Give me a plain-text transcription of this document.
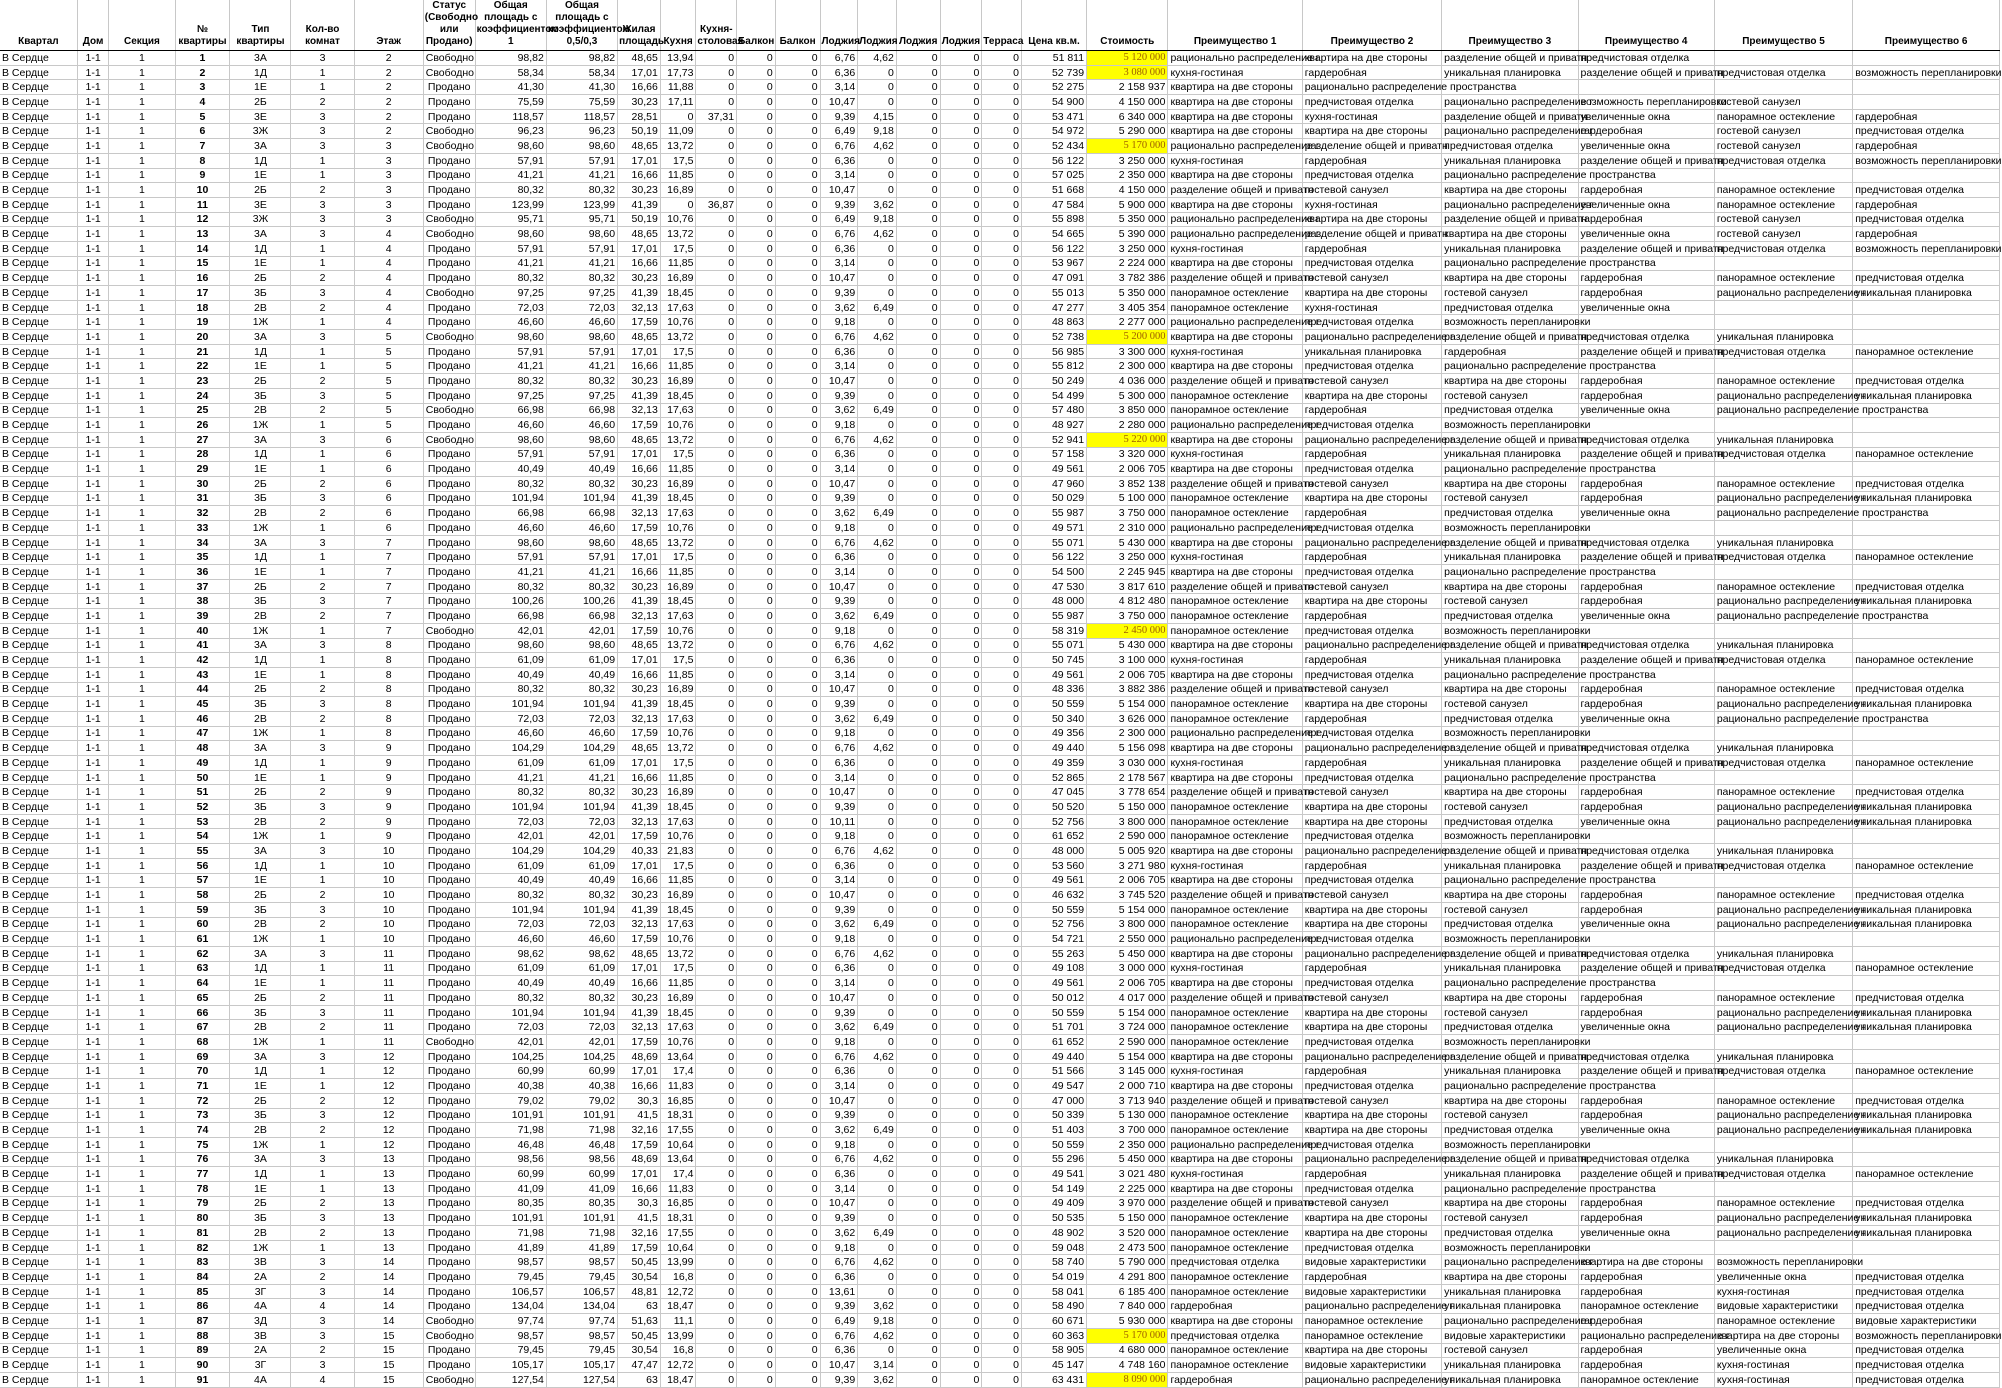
Квартал	Дом	Секция	№ квартиры	Тип квартиры	Кол-во комнат	Этаж	Статус (Свободно или Продано)	Общая площадь с коэффициентом 1	Общая площадь с коэффициентом 0,5/0,3	Жилая площадь	Кухня	Кухня-столовая	Балкон	Балкон	Лоджия	Лоджия	Лоджия	Лоджия	Терраса	Цена кв.м.	Стоимость	Преимущество 1	Преимущество 2	Преимущество 3	Преимущество 4	Преимущество 5	Преимущество 6
В Сердце	1-1	1	1	3А	3	2	Свободно	98,82	98,82	48,65	13,94	0	0	0	6,76	4,62	0	0	0	51 811	5 120 000	рационально распределение г	квартира на две стороны	разделение общей и приватн	предчистовая отделка		
В Сердце	1-1	1	2	1Д	1	2	Свободно	58,34	58,34	17,01	17,73	0	0	0	6,36	0	0	0	0	52 739	3 080 000	кухня-гостиная	гардеробная	уникальная планировка	разделение общей и приватн	предчистовая отделка	возможность перепланировки
В Сердце	1-1	1	3	1Е	1	2	Продано	41,30	41,30	16,66	11,88	0	0	0	3,14	0	0	0	0	52 275	2 158 937	квартира на две стороны	рационально распределение пространства				
В Сердце	1-1	1	4	2Б	2	2	Продано	75,59	75,59	30,23	17,11	0	0	0	10,47	0	0	0	0	54 900	4 150 000	квартира на две стороны	предчистовая отделка	рационально распределение г	возможность перепланировки	гостевой санузел	
В Сердце	1-1	1	5	3Е	3	2	Продано	118,57	118,57	28,51	0	37,31	0	0	9,39	4,15	0	0	0	53 471	6 340 000	квартира на две стороны	кухня-гостиная	разделение общей и приватн	увеличенные окна	панорамное остекление	гардеробная
В Сердце	1-1	1	6	3Ж	3	2	Свободно	96,23	96,23	50,19	11,09	0	0	0	6,49	9,18	0	0	0	54 972	5 290 000	квартира на две стороны	квартира на две стороны	рационально распределение г	гардеробная	гостевой санузел	предчистовая отделка
В Сердце	1-1	1	7	3А	3	3	Свободно	98,60	98,60	48,65	13,72	0	0	0	6,76	4,62	0	0	0	52 434	5 170 000	рационально распределение г	разделение общей и приватн	предчистовая отделка	увеличенные окна	гостевой санузел	гардеробная
В Сердце	1-1	1	8	1Д	1	3	Продано	57,91	57,91	17,01	17,5	0	0	0	6,36	0	0	0	0	56 122	3 250 000	кухня-гостиная	гардеробная	уникальная планировка	разделение общей и приватн	предчистовая отделка	возможность перепланировки
В Сердце	1-1	1	9	1Е	1	3	Продано	41,21	41,21	16,66	11,85	0	0	0	3,14	0	0	0	0	57 025	2 350 000	квартира на две стороны	предчистовая отделка	рационально распределение пространства			
В Сердце	1-1	1	10	2Б	2	3	Продано	80,32	80,32	30,23	16,89	0	0	0	10,47	0	0	0	0	51 668	4 150 000	разделение общей и приватн	гостевой санузел	квартира на две стороны	гардеробная	панорамное остекление	предчистовая отделка
В Сердце	1-1	1	11	3Е	3	3	Продано	123,99	123,99	41,39	0	36,87	0	0	9,39	3,62	0	0	0	47 584	5 900 000	квартира на две стороны	кухня-гостиная	рационально распределение г	увеличенные окна	панорамное остекление	гардеробная
В Сердце	1-1	1	12	3Ж	3	3	Свободно	95,71	95,71	50,19	10,76	0	0	0	6,49	9,18	0	0	0	55 898	5 350 000	рационально распределение г	квартира на две стороны	разделение общей и приватн	гардеробная	гостевой санузел	предчистовая отделка
В Сердце	1-1	1	13	3А	3	4	Свободно	98,60	98,60	48,65	13,72	0	0	0	6,76	4,62	0	0	0	54 665	5 390 000	рационально распределение г	разделение общей и приватн	квартира на две стороны	увеличенные окна	гостевой санузел	гардеробная
В Сердце	1-1	1	14	1Д	1	4	Продано	57,91	57,91	17,01	17,5	0	0	0	6,36	0	0	0	0	56 122	3 250 000	кухня-гостиная	гардеробная	уникальная планировка	разделение общей и приватн	предчистовая отделка	возможность перепланировки
В Сердце	1-1	1	15	1Е	1	4	Продано	41,21	41,21	16,66	11,85	0	0	0	3,14	0	0	0	0	53 967	2 224 000	квартира на две стороны	предчистовая отделка	рационально распределение пространства			
В Сердце	1-1	1	16	2Б	2	4	Продано	80,32	80,32	30,23	16,89	0	0	0	10,47	0	0	0	0	47 091	3 782 386	разделение общей и приватн	гостевой санузел	квартира на две стороны	гардеробная	панорамное остекление	предчистовая отделка
В Сердце	1-1	1	17	3Б	3	4	Свободно	97,25	97,25	41,39	18,45	0	0	0	9,39	0	0	0	0	55 013	5 350 000	панорамное остекление	квартира на две стороны	гостевой санузел	гардеробная	рационально распределение г	уникальная планировка
В Сердце	1-1	1	18	2В	2	4	Продано	72,03	72,03	32,13	17,63	0	0	0	3,62	6,49	0	0	0	47 277	3 405 354	панорамное остекление	кухня-гостиная	предчистовая отделка	увеличенные окна		
В Сердце	1-1	1	19	1Ж	1	4	Продано	46,60	46,60	17,59	10,76	0	0	0	9,18	0	0	0	0	48 863	2 277 000	рационально распределение г	предчистовая отделка	возможность перепланировки			
В Сердце	1-1	1	20	3А	3	5	Свободно	98,60	98,60	48,65	13,72	0	0	0	6,76	4,62	0	0	0	52 738	5 200 000	квартира на две стороны	рационально распределение г	разделение общей и приватн	предчистовая отделка	уникальная планировка	
В Сердце	1-1	1	21	1Д	1	5	Продано	57,91	57,91	17,01	17,5	0	0	0	6,36	0	0	0	0	56 985	3 300 000	кухня-гостиная	уникальная планировка	гардеробная	разделение общей и приватн	предчистовая отделка	панорамное остекление
В Сердце	1-1	1	22	1Е	1	5	Продано	41,21	41,21	16,66	11,85	0	0	0	3,14	0	0	0	0	55 812	2 300 000	квартира на две стороны	предчистовая отделка	рационально распределение пространства			
В Сердце	1-1	1	23	2Б	2	5	Продано	80,32	80,32	30,23	16,89	0	0	0	10,47	0	0	0	0	50 249	4 036 000	разделение общей и приватн	гостевой санузел	квартира на две стороны	гардеробная	панорамное остекление	предчистовая отделка
В Сердце	1-1	1	24	3Б	3	5	Продано	97,25	97,25	41,39	18,45	0	0	0	9,39	0	0	0	0	54 499	5 300 000	панорамное остекление	квартира на две стороны	гостевой санузел	гардеробная	рационально распределение г	уникальная планировка
В Сердце	1-1	1	25	2В	2	5	Свободно	66,98	66,98	32,13	17,63	0	0	0	3,62	6,49	0	0	0	57 480	3 850 000	панорамное остекление	гардеробная	предчистовая отделка	увеличенные окна	рационально распределение пространства	
В Сердце	1-1	1	26	1Ж	1	5	Продано	46,60	46,60	17,59	10,76	0	0	0	9,18	0	0	0	0	48 927	2 280 000	рационально распределение г	предчистовая отделка	возможность перепланировки			
В Сердце	1-1	1	27	3А	3	6	Свободно	98,60	98,60	48,65	13,72	0	0	0	6,76	4,62	0	0	0	52 941	5 220 000	квартира на две стороны	рационально распределение г	разделение общей и приватн	предчистовая отделка	уникальная планировка	
В Сердце	1-1	1	28	1Д	1	6	Продано	57,91	57,91	17,01	17,5	0	0	0	6,36	0	0	0	0	57 158	3 320 000	кухня-гостиная	гардеробная	уникальная планировка	разделение общей и приватн	предчистовая отделка	панорамное остекление
В Сердце	1-1	1	29	1Е	1	6	Продано	40,49	40,49	16,66	11,85	0	0	0	3,14	0	0	0	0	49 561	2 006 705	квартира на две стороны	предчистовая отделка	рационально распределение пространства			
В Сердце	1-1	1	30	2Б	2	6	Продано	80,32	80,32	30,23	16,89	0	0	0	10,47	0	0	0	0	47 960	3 852 138	разделение общей и приватн	гостевой санузел	квартира на две стороны	гардеробная	панорамное остекление	предчистовая отделка
В Сердце	1-1	1	31	3Б	3	6	Продано	101,94	101,94	41,39	18,45	0	0	0	9,39	0	0	0	0	50 029	5 100 000	панорамное остекление	квартира на две стороны	гостевой санузел	гардеробная	рационально распределение г	уникальная планировка
В Сердце	1-1	1	32	2В	2	6	Продано	66,98	66,98	32,13	17,63	0	0	0	3,62	6,49	0	0	0	55 987	3 750 000	панорамное остекление	гардеробная	предчистовая отделка	увеличенные окна	рационально распределение пространства	
В Сердце	1-1	1	33	1Ж	1	6	Продано	46,60	46,60	17,59	10,76	0	0	0	9,18	0	0	0	0	49 571	2 310 000	рационально распределение г	предчистовая отделка	возможность перепланировки			
В Сердце	1-1	1	34	3А	3	7	Продано	98,60	98,60	48,65	13,72	0	0	0	6,76	4,62	0	0	0	55 071	5 430 000	квартира на две стороны	рационально распределение г	разделение общей и приватн	предчистовая отделка	уникальная планировка	
В Сердце	1-1	1	35	1Д	1	7	Продано	57,91	57,91	17,01	17,5	0	0	0	6,36	0	0	0	0	56 122	3 250 000	кухня-гостиная	гардеробная	уникальная планировка	разделение общей и приватн	предчистовая отделка	панорамное остекление
В Сердце	1-1	1	36	1Е	1	7	Продано	41,21	41,21	16,66	11,85	0	0	0	3,14	0	0	0	0	54 500	2 245 945	квартира на две стороны	предчистовая отделка	рационально распределение пространства			
В Сердце	1-1	1	37	2Б	2	7	Продано	80,32	80,32	30,23	16,89	0	0	0	10,47	0	0	0	0	47 530	3 817 610	разделение общей и приватн	гостевой санузел	квартира на две стороны	гардеробная	панорамное остекление	предчистовая отделка
В Сердце	1-1	1	38	3Б	3	7	Продано	100,26	100,26	41,39	18,45	0	0	0	9,39	0	0	0	0	48 000	4 812 480	панорамное остекление	квартира на две стороны	гостевой санузел	гардеробная	рационально распределение г	уникальная планировка
В Сердце	1-1	1	39	2В	2	7	Продано	66,98	66,98	32,13	17,63	0	0	0	3,62	6,49	0	0	0	55 987	3 750 000	панорамное остекление	гардеробная	предчистовая отделка	увеличенные окна	рационально распределение пространства	
В Сердце	1-1	1	40	1Ж	1	7	Свободно	42,01	42,01	17,59	10,76	0	0	0	9,18	0	0	0	0	58 319	2 450 000	панорамное остекление	предчистовая отделка	возможность перепланировки			
В Сердце	1-1	1	41	3А	3	8	Продано	98,60	98,60	48,65	13,72	0	0	0	6,76	4,62	0	0	0	55 071	5 430 000	квартира на две стороны	рационально распределение г	разделение общей и приватн	предчистовая отделка	уникальная планировка	
В Сердце	1-1	1	42	1Д	1	8	Продано	61,09	61,09	17,01	17,5	0	0	0	6,36	0	0	0	0	50 745	3 100 000	кухня-гостиная	гардеробная	уникальная планировка	разделение общей и приватн	предчистовая отделка	панорамное остекление
В Сердце	1-1	1	43	1Е	1	8	Продано	40,49	40,49	16,66	11,85	0	0	0	3,14	0	0	0	0	49 561	2 006 705	квартира на две стороны	предчистовая отделка	рационально распределение пространства			
В Сердце	1-1	1	44	2Б	2	8	Продано	80,32	80,32	30,23	16,89	0	0	0	10,47	0	0	0	0	48 336	3 882 386	разделение общей и приватн	гостевой санузел	квартира на две стороны	гардеробная	панорамное остекление	предчистовая отделка
В Сердце	1-1	1	45	3Б	3	8	Продано	101,94	101,94	41,39	18,45	0	0	0	9,39	0	0	0	0	50 559	5 154 000	панорамное остекление	квартира на две стороны	гостевой санузел	гардеробная	рационально распределение г	уникальная планировка
В Сердце	1-1	1	46	2В	2	8	Продано	72,03	72,03	32,13	17,63	0	0	0	3,62	6,49	0	0	0	50 340	3 626 000	панорамное остекление	гардеробная	предчистовая отделка	увеличенные окна	рационально распределение пространства	
В Сердце	1-1	1	47	1Ж	1	8	Продано	46,60	46,60	17,59	10,76	0	0	0	9,18	0	0	0	0	49 356	2 300 000	рационально распределение г	предчистовая отделка	возможность перепланировки			
В Сердце	1-1	1	48	3А	3	9	Продано	104,29	104,29	48,65	13,72	0	0	0	6,76	4,62	0	0	0	49 440	5 156 098	квартира на две стороны	рационально распределение г	разделение общей и приватн	предчистовая отделка	уникальная планировка	
В Сердце	1-1	1	49	1Д	1	9	Продано	61,09	61,09	17,01	17,5	0	0	0	6,36	0	0	0	0	49 359	3 030 000	кухня-гостиная	гардеробная	уникальная планировка	разделение общей и приватн	предчистовая отделка	панорамное остекление
В Сердце	1-1	1	50	1Е	1	9	Продано	41,21	41,21	16,66	11,85	0	0	0	3,14	0	0	0	0	52 865	2 178 567	квартира на две стороны	предчистовая отделка	рационально распределение пространства			
В Сердце	1-1	1	51	2Б	2	9	Продано	80,32	80,32	30,23	16,89	0	0	0	10,47	0	0	0	0	47 045	3 778 654	разделение общей и приватн	гостевой санузел	квартира на две стороны	гардеробная	панорамное остекление	предчистовая отделка
В Сердце	1-1	1	52	3Б	3	9	Продано	101,94	101,94	41,39	18,45	0	0	0	9,39	0	0	0	0	50 520	5 150 000	панорамное остекление	квартира на две стороны	гостевой санузел	гардеробная	рационально распределение г	уникальная планировка
В Сердце	1-1	1	53	2В	2	9	Продано	72,03	72,03	32,13	17,63	0	0	0	10,11	0	0	0	0	52 756	3 800 000	панорамное остекление	квартира на две стороны	предчистовая отделка	увеличенные окна	рационально распределение г	уникальная планировка
В Сердце	1-1	1	54	1Ж	1	9	Продано	42,01	42,01	17,59	10,76	0	0	0	9,18	0	0	0	0	61 652	2 590 000	панорамное остекление	предчистовая отделка	возможность перепланировки			
В Сердце	1-1	1	55	3А	3	10	Продано	104,29	104,29	40,33	21,83	0	0	0	6,76	4,62	0	0	0	48 000	5 005 920	квартира на две стороны	рационально распределение г	разделение общей и приватн	предчистовая отделка	уникальная планировка	
В Сердце	1-1	1	56	1Д	1	10	Продано	61,09	61,09	17,01	17,5	0	0	0	6,36	0	0	0	0	53 560	3 271 980	кухня-гостиная	гардеробная	уникальная планировка	разделение общей и приватн	предчистовая отделка	панорамное остекление
В Сердце	1-1	1	57	1Е	1	10	Продано	40,49	40,49	16,66	11,85	0	0	0	3,14	0	0	0	0	49 561	2 006 705	квартира на две стороны	предчистовая отделка	рационально распределение пространства			
В Сердце	1-1	1	58	2Б	2	10	Продано	80,32	80,32	30,23	16,89	0	0	0	10,47	0	0	0	0	46 632	3 745 520	разделение общей и приватн	гостевой санузел	квартира на две стороны	гардеробная	панорамное остекление	предчистовая отделка
В Сердце	1-1	1	59	3Б	3	10	Продано	101,94	101,94	41,39	18,45	0	0	0	9,39	0	0	0	0	50 559	5 154 000	панорамное остекление	квартира на две стороны	гостевой санузел	гардеробная	рационально распределение г	уникальная планировка
В Сердце	1-1	1	60	2В	2	10	Продано	72,03	72,03	32,13	17,63	0	0	0	3,62	6,49	0	0	0	52 756	3 800 000	панорамное остекление	квартира на две стороны	предчистовая отделка	увеличенные окна	рационально распределение г	уникальная планировка
В Сердце	1-1	1	61	1Ж	1	10	Продано	46,60	46,60	17,59	10,76	0	0	0	9,18	0	0	0	0	54 721	2 550 000	рационально распределение г	предчистовая отделка	возможность перепланировки			
В Сердце	1-1	1	62	3А	3	11	Продано	98,62	98,62	48,65	13,72	0	0	0	6,76	4,62	0	0	0	55 263	5 450 000	квартира на две стороны	рационально распределение г	разделение общей и приватн	предчистовая отделка	уникальная планировка	
В Сердце	1-1	1	63	1Д	1	11	Продано	61,09	61,09	17,01	17,5	0	0	0	6,36	0	0	0	0	49 108	3 000 000	кухня-гостиная	гардеробная	уникальная планировка	разделение общей и приватн	предчистовая отделка	панорамное остекление
В Сердце	1-1	1	64	1Е	1	11	Продано	40,49	40,49	16,66	11,85	0	0	0	3,14	0	0	0	0	49 561	2 006 705	квартира на две стороны	предчистовая отделка	рационально распределение пространства			
В Сердце	1-1	1	65	2Б	2	11	Продано	80,32	80,32	30,23	16,89	0	0	0	10,47	0	0	0	0	50 012	4 017 000	разделение общей и приватн	гостевой санузел	квартира на две стороны	гардеробная	панорамное остекление	предчистовая отделка
В Сердце	1-1	1	66	3Б	3	11	Продано	101,94	101,94	41,39	18,45	0	0	0	9,39	0	0	0	0	50 559	5 154 000	панорамное остекление	квартира на две стороны	гостевой санузел	гардеробная	рационально распределение г	уникальная планировка
В Сердце	1-1	1	67	2В	2	11	Продано	72,03	72,03	32,13	17,63	0	0	0	3,62	6,49	0	0	0	51 701	3 724 000	панорамное остекление	квартира на две стороны	предчистовая отделка	увеличенные окна	рационально распределение г	уникальная планировка
В Сердце	1-1	1	68	1Ж	1	11	Свободно	42,01	42,01	17,59	10,76	0	0	0	9,18	0	0	0	0	61 652	2 590 000	панорамное остекление	предчистовая отделка	возможность перепланировки			
В Сердце	1-1	1	69	3А	3	12	Продано	104,25	104,25	48,69	13,64	0	0	0	6,76	4,62	0	0	0	49 440	5 154 000	квартира на две стороны	рационально распределение г	разделение общей и приватн	предчистовая отделка	уникальная планировка	
В Сердце	1-1	1	70	1Д	1	12	Продано	60,99	60,99	17,01	17,4	0	0	0	6,36	0	0	0	0	51 566	3 145 000	кухня-гостиная	гардеробная	уникальная планировка	разделение общей и приватн	предчистовая отделка	панорамное остекление
В Сердце	1-1	1	71	1Е	1	12	Продано	40,38	40,38	16,66	11,83	0	0	0	3,14	0	0	0	0	49 547	2 000 710	квартира на две стороны	предчистовая отделка	рационально распределение пространства			
В Сердце	1-1	1	72	2Б	2	12	Продано	79,02	79,02	30,3	16,85	0	0	0	10,47	0	0	0	0	47 000	3 713 940	разделение общей и приватн	гостевой санузел	квартира на две стороны	гардеробная	панорамное остекление	предчистовая отделка
В Сердце	1-1	1	73	3Б	3	12	Продано	101,91	101,91	41,5	18,31	0	0	0	9,39	0	0	0	0	50 339	5 130 000	панорамное остекление	квартира на две стороны	гостевой санузел	гардеробная	рационально распределение г	уникальная планировка
В Сердце	1-1	1	74	2В	2	12	Продано	71,98	71,98	32,16	17,55	0	0	0	3,62	6,49	0	0	0	51 403	3 700 000	панорамное остекление	квартира на две стороны	предчистовая отделка	увеличенные окна	рационально распределение г	уникальная планировка
В Сердце	1-1	1	75	1Ж	1	12	Продано	46,48	46,48	17,59	10,64	0	0	0	9,18	0	0	0	0	50 559	2 350 000	рационально распределение г	предчистовая отделка	возможность перепланировки			
В Сердце	1-1	1	76	3А	3	13	Продано	98,56	98,56	48,69	13,64	0	0	0	6,76	4,62	0	0	0	55 296	5 450 000	квартира на две стороны	рационально распределение г	разделение общей и приватн	предчистовая отделка	уникальная планировка	
В Сердце	1-1	1	77	1Д	1	13	Продано	60,99	60,99	17,01	17,4	0	0	0	6,36	0	0	0	0	49 541	3 021 480	кухня-гостиная	гардеробная	уникальная планировка	разделение общей и приватн	предчистовая отделка	панорамное остекление
В Сердце	1-1	1	78	1Е	1	13	Продано	41,09	41,09	16,66	11,83	0	0	0	3,14	0	0	0	0	54 149	2 225 000	квартира на две стороны	предчистовая отделка	рационально распределение пространства			
В Сердце	1-1	1	79	2Б	2	13	Продано	80,35	80,35	30,3	16,85	0	0	0	10,47	0	0	0	0	49 409	3 970 000	разделение общей и приватн	гостевой санузел	квартира на две стороны	гардеробная	панорамное остекление	предчистовая отделка
В Сердце	1-1	1	80	3Б	3	13	Продано	101,91	101,91	41,5	18,31	0	0	0	9,39	0	0	0	0	50 535	5 150 000	панорамное остекление	квартира на две стороны	гостевой санузел	гардеробная	рационально распределение г	уникальная планировка
В Сердце	1-1	1	81	2В	2	13	Продано	71,98	71,98	32,16	17,55	0	0	0	3,62	6,49	0	0	0	48 902	3 520 000	панорамное остекление	квартира на две стороны	предчистовая отделка	увеличенные окна	рационально распределение г	уникальная планировка
В Сердце	1-1	1	82	1Ж	1	13	Продано	41,89	41,89	17,59	10,64	0	0	0	9,18	0	0	0	0	59 048	2 473 500	панорамное остекление	предчистовая отделка	возможность перепланировки			
В Сердце	1-1	1	83	3В	3	14	Продано	98,57	98,57	50,45	13,99	0	0	0	6,76	4,62	0	0	0	58 740	5 790 000	предчистовая отделка	видовые характеристики	рационально распределение г	квартира на две стороны	возможность перепланировки	
В Сердце	1-1	1	84	2А	2	14	Продано	79,45	79,45	30,54	16,8	0	0	0	6,36	0	0	0	0	54 019	4 291 800	панорамное остекление	гардеробная	квартира на две стороны	гардеробная	увеличенные окна	предчистовая отделка
В Сердце	1-1	1	85	3Г	3	14	Продано	106,57	106,57	48,81	12,72	0	0	0	13,61	0	0	0	0	58 041	6 185 400	панорамное остекление	видовые характеристики	уникальная планировка	гардеробная	кухня-гостиная	предчистовая отделка
В Сердце	1-1	1	86	4А	4	14	Продано	134,04	134,04	63	18,47	0	0	0	9,39	3,62	0	0	0	58 490	7 840 000	гардеробная	рационально распределение г	уникальная планировка	панорамное остекление	видовые характеристики	предчистовая отделка
В Сердце	1-1	1	87	3Д	3	14	Свободно	97,74	97,74	51,63	11,1	0	0	0	6,49	9,18	0	0	0	60 671	5 930 000	квартира на две стороны	панорамное остекление	рационально распределение г	гардеробная	панорамное остекление	видовые характеристики
В Сердце	1-1	1	88	3В	3	15	Свободно	98,57	98,57	50,45	13,99	0	0	0	6,76	4,62	0	0	0	60 363	5 170 000	предчистовая отделка	панорамное остекление	видовые характеристики	рационально распределение г	квартира на две стороны	возможность перепланировки
В Сердце	1-1	1	89	2А	2	15	Продано	79,45	79,45	30,54	16,8	0	0	0	6,36	0	0	0	0	58 905	4 680 000	панорамное остекление	квартира на две стороны	гостевой санузел	гардеробная	увеличенные окна	предчистовая отделка
В Сердце	1-1	1	90	3Г	3	15	Продано	105,17	105,17	47,47	12,72	0	0	0	10,47	3,14	0	0	0	45 147	4 748 160	панорамное остекление	видовые характеристики	уникальная планировка	гардеробная	кухня-гостиная	предчистовая отделка
В Сердце	1-1	1	91	4А	4	15	Свободно	127,54	127,54	63	18,47	0	0	0	9,39	3,62	0	0	0	63 431	8 090 000	гардеробная	рационально распределение г	уникальная планировка	панорамное остекление	кухня-гостиная	предчистовая отделка
